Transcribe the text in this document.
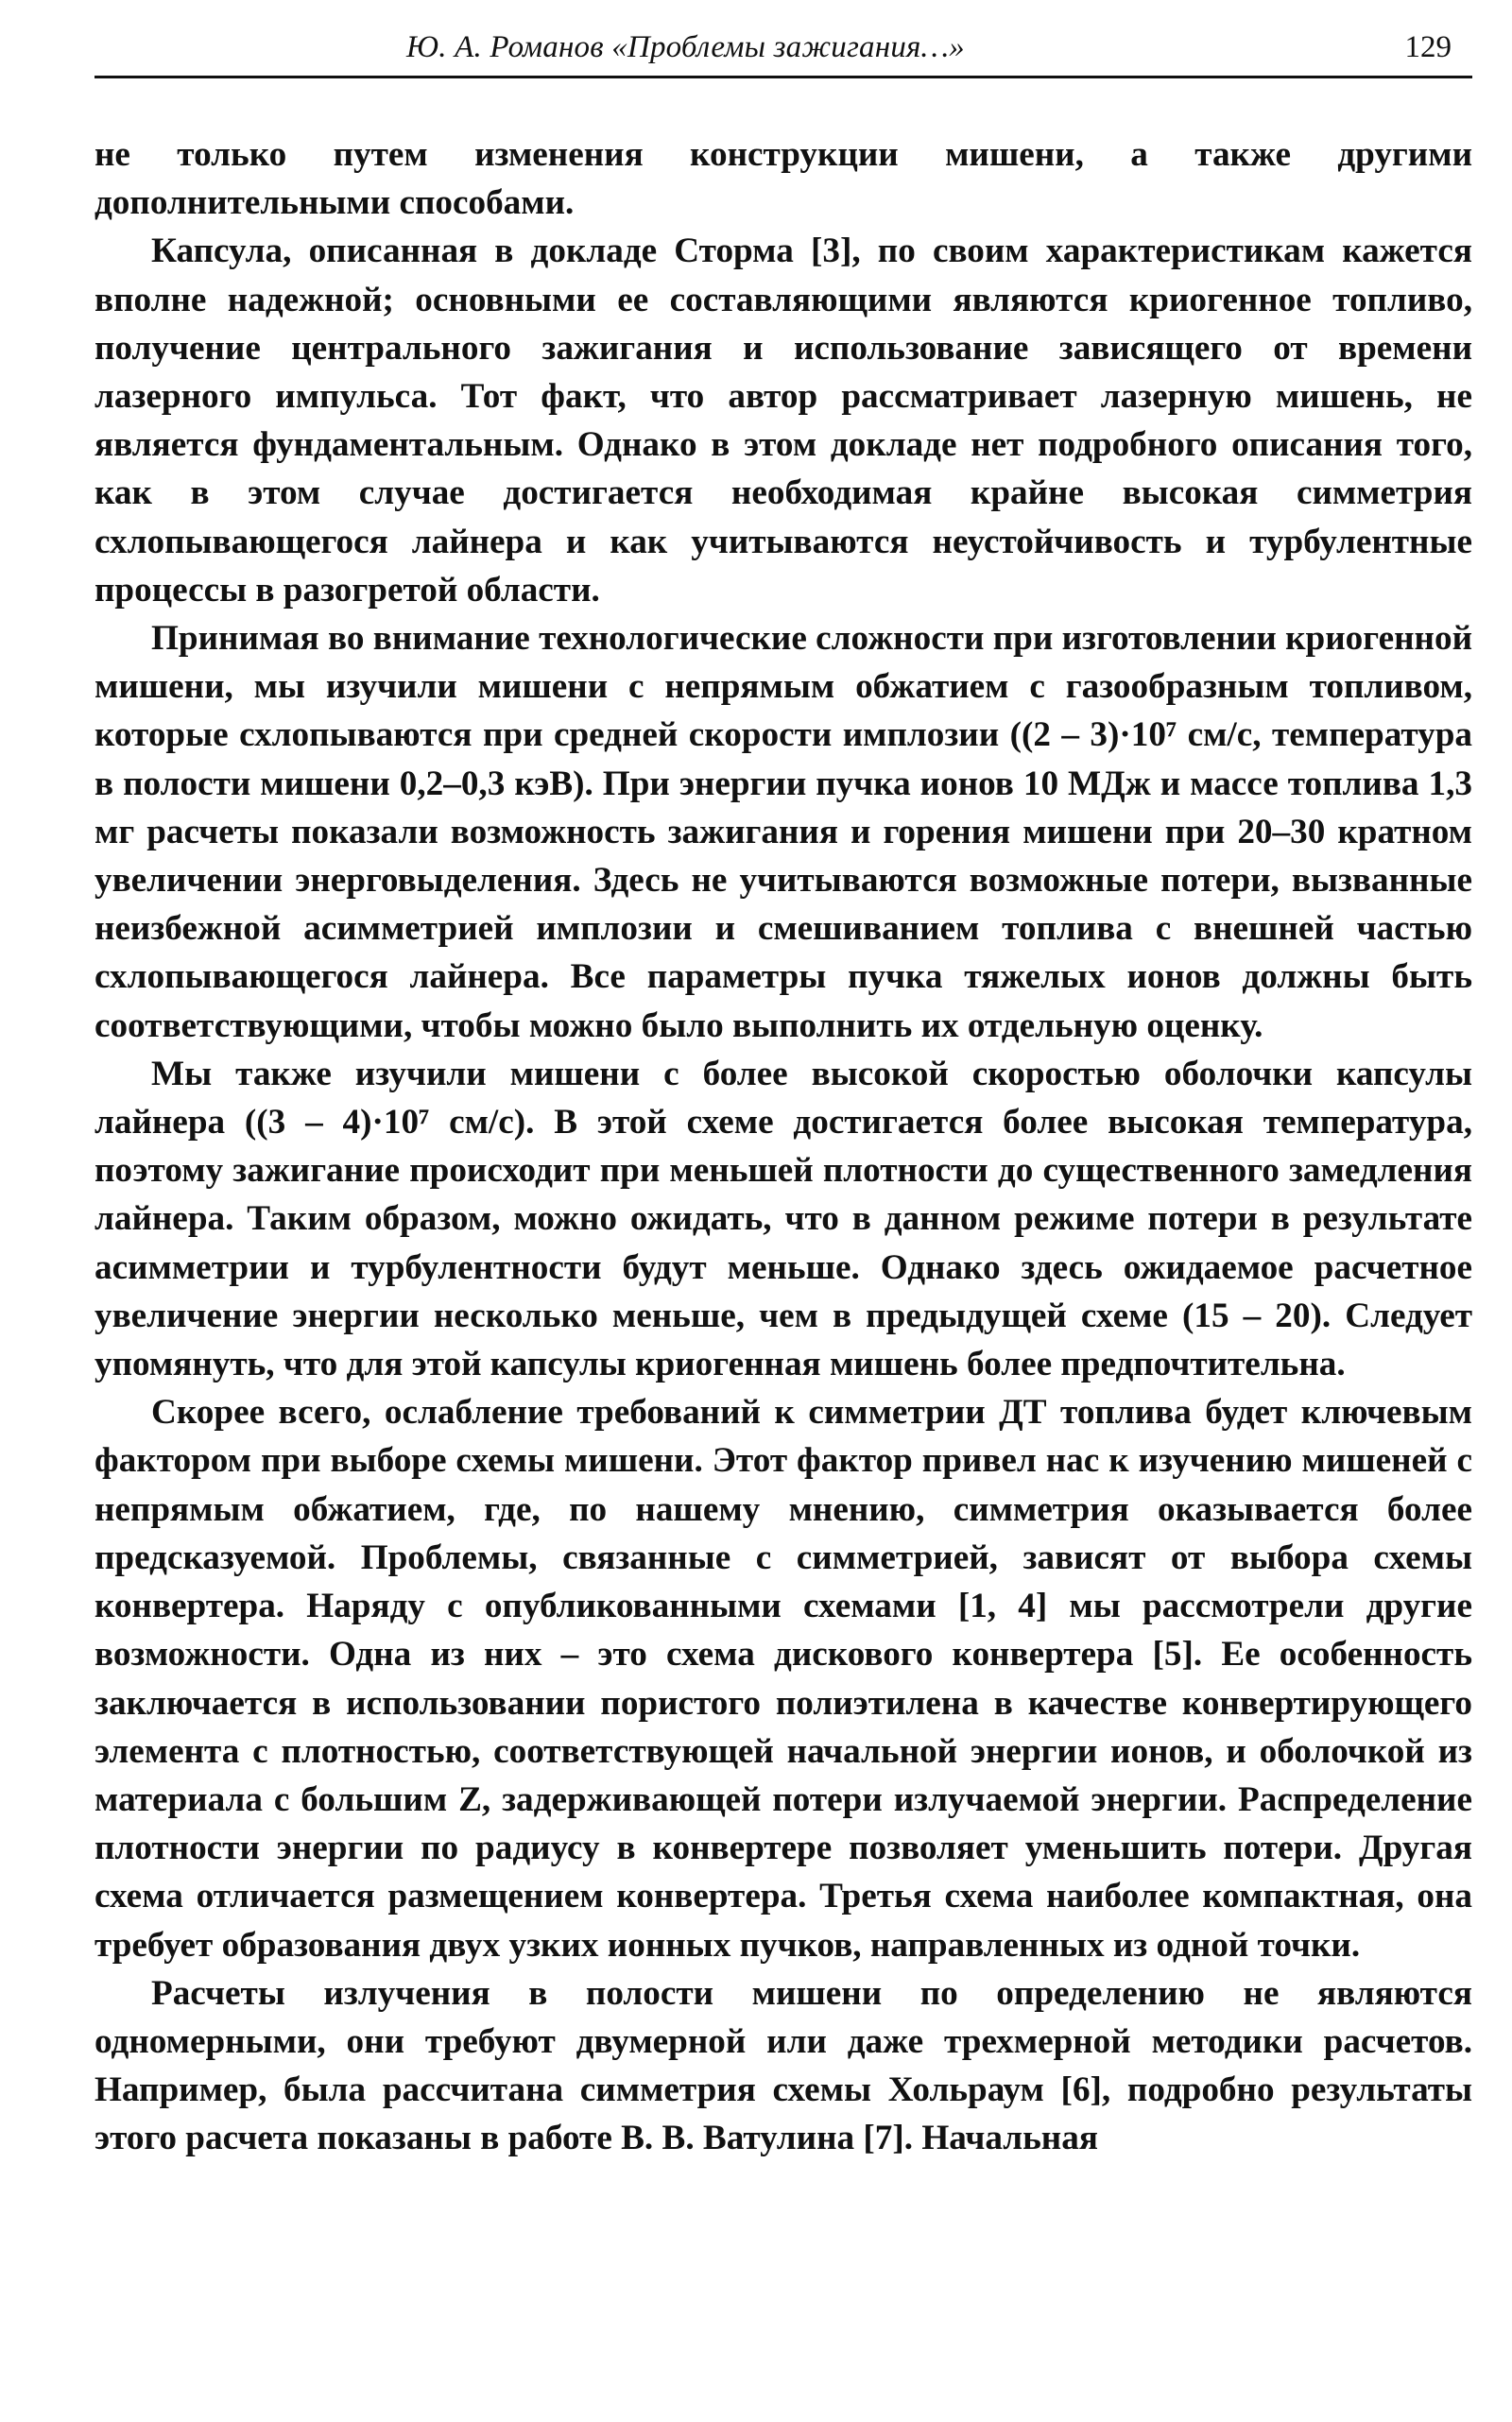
Ю. А. Романов «Проблемы зажигания…»	129

не только путем изменения конструкции мишени, а также другими дополнительными способами.

Капсула, описанная в докладе Сторма [3], по своим характеристикам кажется вполне надежной; основными ее составляющими являются криогенное топливо, получение центрального зажигания и использование зависящего от времени лазерного импульса. Тот факт, что автор рассматривает лазерную мишень, не является фундаментальным. Однако в этом докладе нет подробного описания того, как в этом случае достигается необходимая крайне высокая симметрия схлопывающегося лайнера и как учитываются неустойчивость и турбулентные процессы в разогретой области.

Принимая во внимание технологические сложности при изготовлении криогенной мишени, мы изучили мишени с непрямым обжатием с газообразным топливом, которые схлопываются при средней скорости имплозии ((2 – 3)·10⁷ см/с, температура в полости мишени 0,2–0,3 кэВ). При энергии пучка ионов 10 МДж и массе топлива 1,3 мг расчеты показали возможность зажигания и горения мишени при 20–30 кратном увеличении энерговыделения. Здесь не учитываются возможные потери, вызванные неизбежной асимметрией имплозии и смешиванием топлива с внешней частью схлопывающегося лайнера. Все параметры пучка тяжелых ионов должны быть соответствующими, чтобы можно было выполнить их отдельную оценку.

Мы также изучили мишени с более высокой скоростью оболочки капсулы лайнера ((3 – 4)·10⁷ см/с). В этой схеме достигается более высокая температура, поэтому зажигание происходит при меньшей плотности до существенного замедления лайнера. Таким образом, можно ожидать, что в данном режиме потери в результате асимметрии и турбулентности будут меньше. Однако здесь ожидаемое расчетное увеличение энергии несколько меньше, чем в предыдущей схеме (15 – 20). Следует упомянуть, что для этой капсулы криогенная мишень более предпочтительна.

Скорее всего, ослабление требований к симметрии ДТ топлива будет ключевым фактором при выборе схемы мишени. Этот фактор привел нас к изучению мишеней с непрямым обжатием, где, по нашему мнению, симметрия оказывается более предсказуемой. Проблемы, связанные с симметрией, зависят от выбора схемы конвертера. Наряду с опубликованными схемами [1, 4] мы рассмотрели другие возможности. Одна из них – это схема дискового конвертера [5]. Ее особенность заключается в использовании пористого полиэтилена в качестве конвертирующего элемента с плотностью, соответствующей начальной энергии ионов, и оболочкой из материала с большим Z, задерживающей потери излучаемой энергии. Распределение плотности энергии по радиусу в конвертере позволяет уменьшить потери. Другая схема отличается размещением конвертера. Третья схема наиболее компактная, она требует образования двух узких ионных пучков, направленных из одной точки.

Расчеты излучения в полости мишени по определению не являются одномерными, они требуют двумерной или даже трехмерной методики расчетов. Например, была рассчитана симметрия схемы Хольраум [6], подробно результаты этого расчета показаны в работе В. В. Ватулина [7]. Начальная
